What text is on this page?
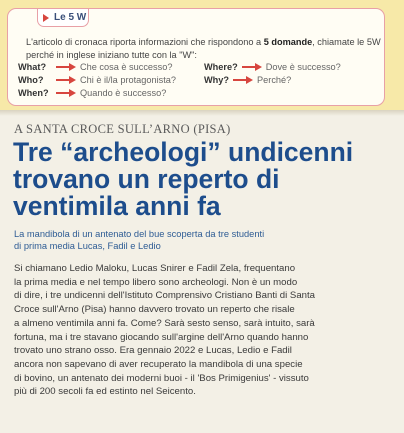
Le 5 W
L'articolo di cronaca riporta informazioni che rispondono a 5 domande, chiamate le 5W perché in inglese iniziano tutte con la "W":
What?	Che cosa è successo?	Where?	Dove è successo?
Who?	Chi è il/la protagonista?	Why?	Perché?
When?	Quando è successo?
A SANTA CROCE SULL’ARNO (PISA)
Tre “archeologi” undicenni
trovano un reperto di
ventimila anni fa
La mandibola di un antenato del bue scoperta da tre studenti
di prima media Lucas, Fadil e Ledio
Si chiamano Ledio Maloku, Lucas Snirer e Fadil Zela, frequentano
la prima media e nel tempo libero sono archeologi. Non è un modo
di dire, i tre undicenni dell'Istituto Comprensivo Cristiano Banti di Santa
Croce sull'Arno (Pisa) hanno davvero trovato un reperto che risale
a almeno ventimila anni fa. Come? Sarà sesto senso, sarà intuito, sarà
fortuna, ma i tre stavano giocando sull'argine dell'Arno quando hanno
trovato uno strano osso. Era gennaio 2022 e Lucas, Ledio e Fadil
ancora non sapevano di aver recuperato la mandibola di una specie
di bovino, un antenato dei moderni buoi - il 'Bos Primigenius' - vissuto
più di 200 secoli fa ed estinto nel Seicento.
